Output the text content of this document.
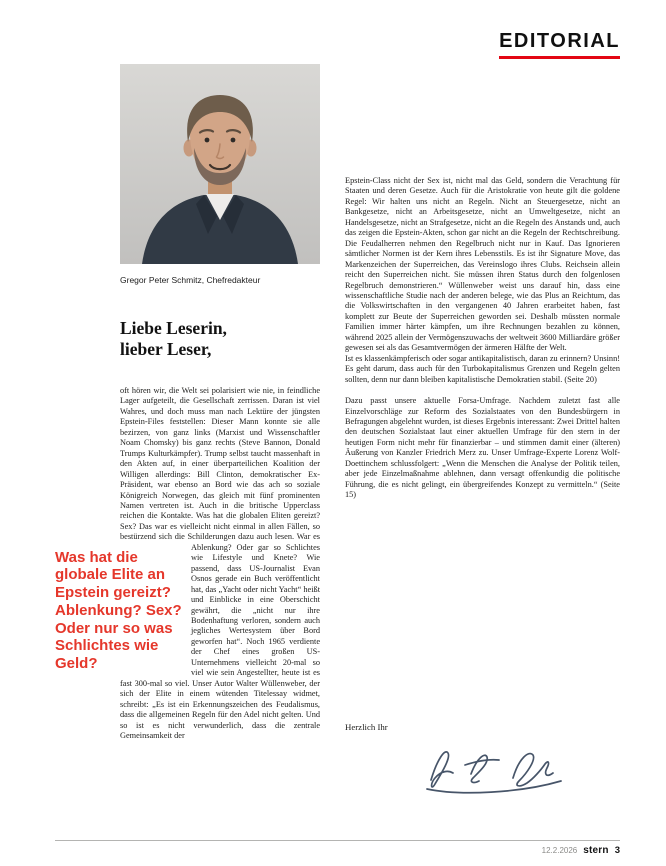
EDITORIAL
Gregor Peter Schmitz, Chefredakteur
Liebe Leserin,
lieber Leser,

oft hören wir, die Welt sei polarisiert wie nie, in feindliche Lager aufgeteilt, die Gesellschaft zerrissen. Daran ist viel Wahres, und doch muss man nach Lektüre der jüngsten Epstein-Files feststellen: Dieser Mann konnte sie alle bezirzen, von ganz links (Marxist und Wissenschaftler Noam Chomsky) bis ganz rechts (Steve Bannon, Donald Trumps Kulturkämpfer). Trump selbst taucht massenhaft in den Akten auf, in einer überparteilichen Koalition der Willigen allerdings: Bill Clinton, demokratischer Ex-Präsident, war ebenso an Bord wie das ach so soziale Königreich Norwegen, das gleich mit fünf prominenten Namen vertreten ist. Auch in die britische Upperclass reichen die Kontakte. Was hat die globalen Eliten gereizt? Sex? Das war es vielleicht nicht einmal in allen Fällen, so bestürzend sich die Schilderungen dazu auch lesen.
Was hat die globale Elite an Epstein gereizt? Ablenkung? Sex? Oder nur so was Schlichtes wie Geld?
War es Ablenkung? Oder gar so Schlichtes wie Lifestyle und Knete? Wie passend, dass US-Journalist Evan Osnos gerade ein Buch veröffentlicht hat, das „Yacht oder nicht Yacht“ heißt und Einblicke in eine Oberschicht gewährt, die „nicht nur ihre Bodenhaftung verloren, sondern auch jegliches Wertesystem über Bord geworfen hat“. Noch 1965 verdiente der Chef eines großen US-Unternehmens vielleicht 20-mal so viel wie sein Angestellter, heute ist es fast 300-mal so viel. Unser Autor Walter Wüllenweber, der sich der Elite in einem wütenden Titelessay widmet, schreibt: „Es ist ein Erkennungszeichen des Feudalismus, dass die allgemeinen Regeln für den Adel nicht gelten. Und so ist es nicht verwunderlich, dass die zentrale Gemeinsamkeit der

Epstein-Class nicht der Sex ist, nicht mal das Geld, sondern die Verachtung für Staaten und deren Gesetze. Auch für die Aristokratie von heute gilt die goldene Regel: Wir halten uns nicht an Regeln. Nicht an Steuergesetze, nicht an Bankgesetze, nicht an Arbeitsgesetze, nicht an Umweltgesetze, nicht an Handelsgesetze, nicht an Strafgesetze, nicht an die Regeln des Anstands und, auch das zeigen die Epstein-Akten, schon gar nicht an die Regeln der Rechtschreibung. Die Feudalherren nehmen den Regelbruch nicht nur in Kauf. Das Ignorieren sämtlicher Normen ist der Kern ihres Lebensstils. Es ist ihr Signature Move, das Markenzeichen der Superreichen, das Vereinslogo ihres Clubs. Reichsein allein reicht den Superreichen nicht. Sie müssen ihren Status durch den folgenlosen Regelbruch demonstrieren.“ Wüllenweber weist uns darauf hin, dass eine wissenschaftliche Studie nach der anderen belege, wie das Plus an Reichtum, das die Volkswirtschaften in den vergangenen 40 Jahren erarbeitet haben, fast komplett zur Beute der Superreichen geworden sei. Deshalb müssten normale Familien immer härter kämpfen, um ihre Rechnungen bezahlen zu können, während 2025 allein der Vermögenszuwachs der weltweit 3600 Milliardäre größer gewesen sei als das Gesamtvermögen der ärmeren Hälfte der Welt.

Ist es klassenkämpferisch oder sogar antikapitalistisch, daran zu erinnern? Unsinn! Es geht darum, dass auch für den Turbokapitalismus Grenzen und Regeln gelten sollten, denn nur dann bleiben kapitalistische Demokratien stabil. (Seite 20)

Dazu passt unsere aktuelle Forsa-Umfrage. Nachdem zuletzt fast alle Einzelvorschläge zur Reform des Sozialstaates von den Bundesbürgern in Befragungen abgelehnt wurden, ist dieses Ergebnis interessant: Zwei Drittel halten den deutschen Sozialstaat laut einer aktuellen Umfrage für den stern in der heutigen Form nicht mehr für finanzierbar – und stimmen damit einer (älteren) Äußerung von Kanzler Friedrich Merz zu. Unser Umfrage-Experte Lorenz Wolf-Doettinchem schlussfolgert: „Wenn die Menschen die Analyse der Politik teilen, aber jede Einzelmaßnahme ablehnen, dann versagt offenkundig die politische Führung, die es nicht gelingt, ein übergreifendes Konzept zu vermitteln.“ (Seite 15)

Herzlich Ihr

12.2.2026 stern 3
